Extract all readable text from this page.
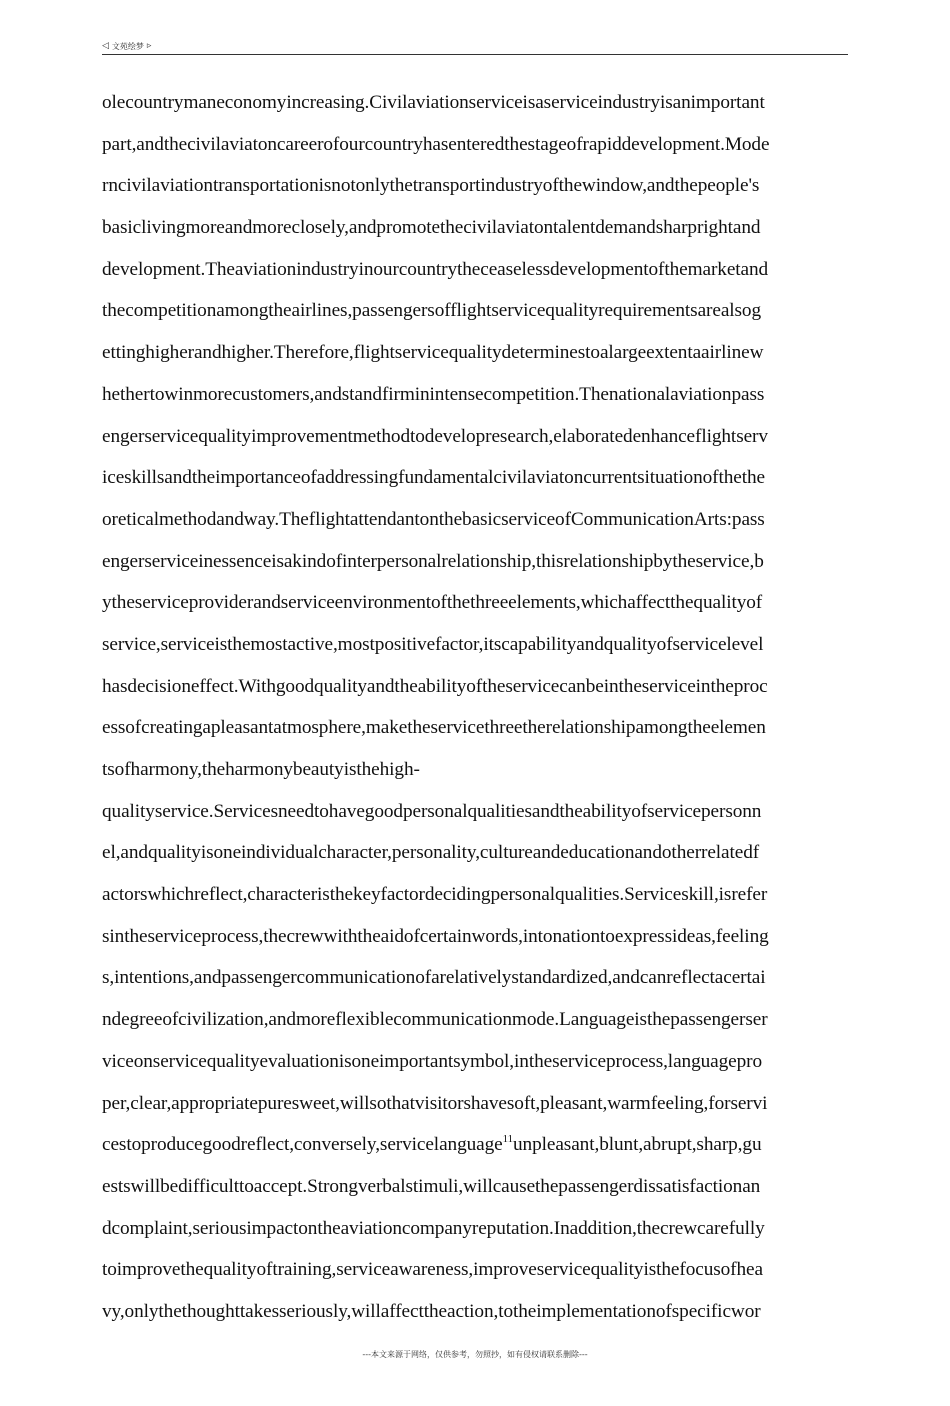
◁ 文苑绘梦 ▹
olecountrymaneconomyincreasing.Civilaviationserviceisaserviceindustryisanimportant
part,andthecivilaviatoncareerofourcountryhasenteredthestageofrapiddevelopment.Mode
rncivilaviationtransportationisnotonlythetransportindustryofthewindow,andthepeople's
basiclivingmoreandmoreclosely,andpromotethecivilaviatontalentdemandsharprightand
development.Theaviationindustryinourcountrytheceaselessdevelopmentofthemarketand
thecompetitionamongtheairlines,passengersofflightservicequalityrequirementsarealsog
ettinghigherandhigher.Therefore,flightservicequalitydeterminestoalargeextentaairlinew
hethertowinmorecustomers,andstandfirminintensecompetition.Thenationalaviationpass
engerservicequalityimprovementmethodtodevelopresearch,elaboratedenhanceflightserv
iceskillsandtheimportanceofaddressingfundamentalcivilaviatoncurrentsituationofthethe
oreticalmethodandway.TheflightattendantonthebasicserviceofCommunicationArts:pass
engerserviceinessenceisakindofinterpersonalrelationship,thisrelationshipbytheservice,b
ytheserviceproviderandserviceenvironmentofthethreeelements,whichaffectthequalityof
service,serviceisthemostactive,mostpositivefactor,itscapabilityandqualityofservicelevel
hasdecisioneffect.Withgoodqualityandtheabilityoftheservicecanbeintheserviceintheproc
essofcreatingapleasantatmosphere,maketheservicethreetherelationshipamongtheelemen
tsofharmony,theharmonybeautyisthehigh-
qualityservice.Servicesneedtohavegoodpersonalqualitiesandtheabilityofservicepersonn
el,andqualityisoneindividualcharacter,personality,cultureandeducationandotherrelatedf
actorswhichreflect,characteristhekeyfactordecidingpersonalqualities.Serviceskill,isrefer
sintheserviceprocess,thecrewwiththeaidofcertainwords,intonationtoexpressideas,feeling
s,intentions,andpassengercommunicationofarelativelystandardized,andcanreflectacertai
ndegreeofcivilization,andmoreflexiblecommunicationmode.Languageisthepassengerser
viceonservicequalityevaluationisoneimportantsymbol,intheserviceprocess,languagepro
per,clear,appropriatepuresweet,willsothatvisitorshavesoft,pleasant,warmfeeling,forservi
cestoproducegoodreflect,conversely,servicelanguage$^{11}$unpleasant,blunt,abrupt,sharp,gu
estswillbedifficulttoaccept.Strongverbalstimuli,willcausethepassengerdissatisfactionan
dcomplaint,seriousimpactontheaviationcompanyreputation.Inaddition,thecrewcarefully
toimprovethequalityoftraining,serviceawareness,improveservicequalityisthefocusofhea
vy,onlythethoughttakesseriously,willaffecttheaction,totheimplementationofspecificwor
---本文来源于网络，仅供参考，勿照抄，如有侵权请联系删除---
